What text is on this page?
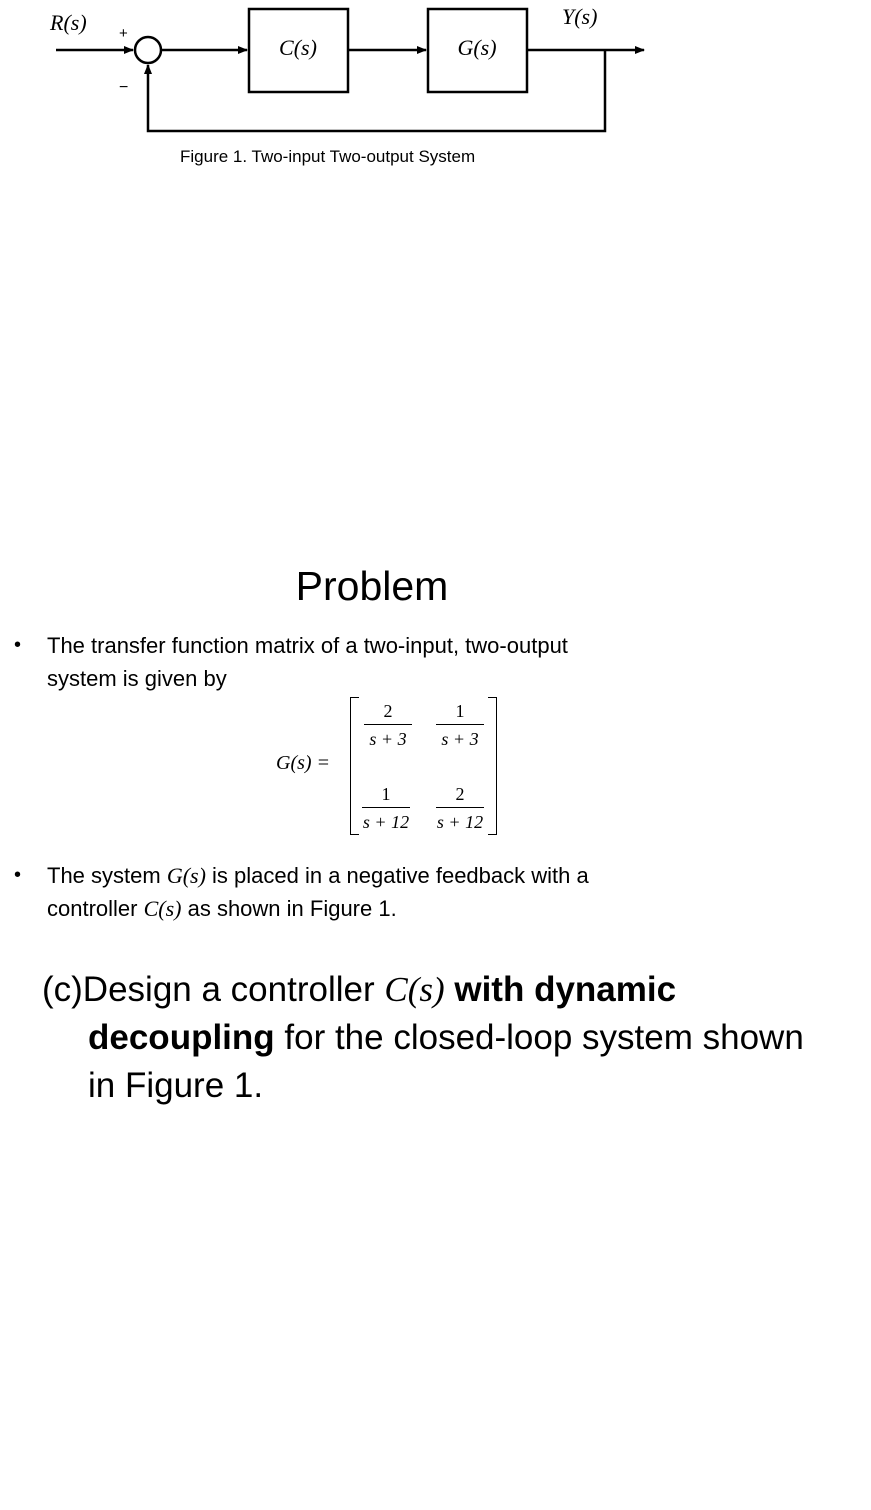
R(s)	Y(s)
+
−
C(s)	G(s)
Figure 1. Two-input Two-output System
Problem
• The transfer function matrix of a two-input, two-output
system is given by
G(s) =
2
s + 3
1
s + 3
1
s + 12
2
s + 12
• The system G(s) is placed in a negative feedback with a
controller C(s) as shown in Figure 1.
(c)Design a controller C(s) with dynamic
decoupling for the closed-loop system shown
in Figure 1.
